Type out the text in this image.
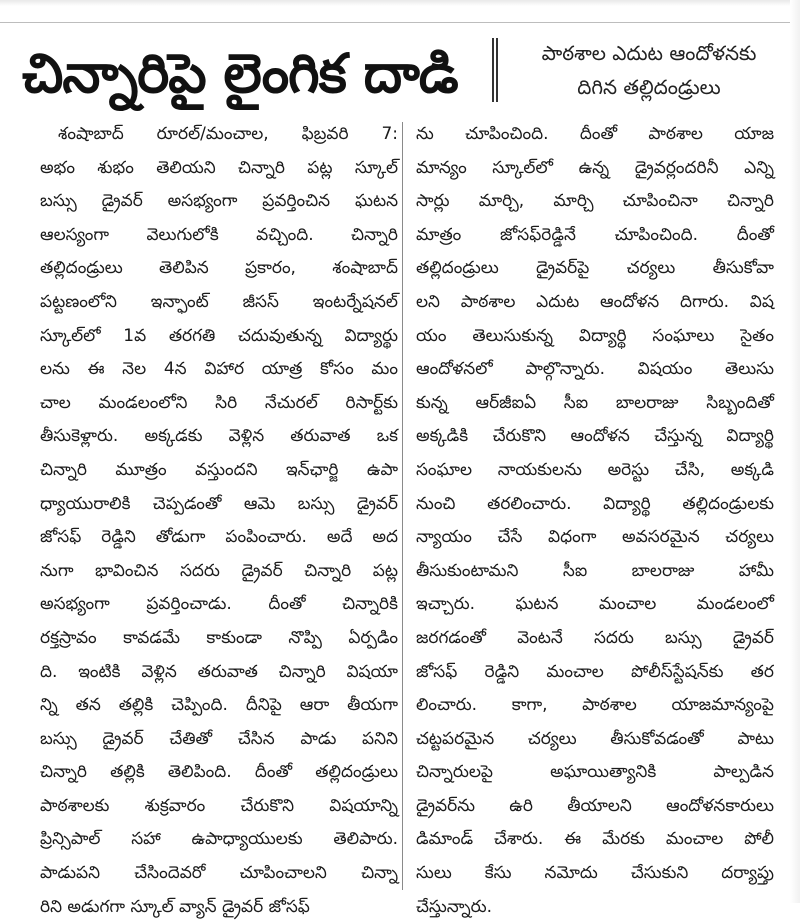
చిన్నారిపై లైంగిక దాడి	పాఠశాల ఎదుట ఆందోళనకు
దిగిన తల్లిదండ్రులు
శంషాబాద్ రూరల్/మంచాల, ఫిబ్రవరి 7:
అభం శుభం తెలియని చిన్నారి పట్ల స్కూల్
బస్సు డ్రైవర్ అసభ్యంగా ప్రవర్తించిన ఘటన
ఆలస్యంగా వెలుగులోకి వచ్చింది. చిన్నారి
తల్లిదండ్రులు తెలిపిన ప్రకారం, శంషాబాద్
పట్టణంలోని ఇన్ఫాంట్ జీసస్ ఇంటర్నేషనల్
స్కూల్‌లో 1వ తరగతి చదువుతున్న విద్యార్థు
లను ఈ నెల 4న విహార యాత్ర కోసం మం
చాల మండలంలోని సిరి నేచురల్ రిసార్ట్‌కు
తీసుకెళ్లారు. అక్కడకు వెళ్లిన తరువాత ఒక
చిన్నారి మూత్రం వస్తుందని ఇన్‌ఛార్జి ఉపా
ధ్యాయురాలికి చెప్పడంతో ఆమె బస్సు డ్రైవర్
జోసఫ్ రెడ్డిని తోడుగా పంపించారు. అదే అద
నుగా భావించిన సదరు డ్రైవర్ చిన్నారి పట్ల
అసభ్యంగా ప్రవర్తించాడు. దీంతో చిన్నారికి
రక్తస్రావం కావడమే కాకుండా నొప్పి ఏర్పడిం
ది. ఇంటికి వెళ్లిన తరువాత చిన్నారి విషయా
న్ని తన తల్లికి చెప్పింది. దీనిపై ఆరా తీయగా
బస్సు డ్రైవర్ చేతితో చేసిన పాడు పనిని
చిన్నారి తల్లికి తెలిపింది. దీంతో తల్లిదండ్రులు
పాఠశాలకు శుక్రవారం చేరుకొని విషయాన్ని
ప్రిన్సిపాల్ సహా ఉపాధ్యాయులకు తెలిపారు.
పాడుపని చేసిందెవరో చూపించాలని చిన్నా
రిని అడుగగా స్కూల్ వ్యాన్ డ్రైవర్ జోసఫ్
ను చూపించింది. దీంతో పాఠశాల యాజ
మాన్యం స్కూల్‌లో ఉన్న డ్రైవర్లందరినీ ఎన్ని
సార్లు మార్చి, మార్చి చూపించినా చిన్నారి
మాత్రం జోసఫ్‌రెడ్డినే చూపించింది. దీంతో
తల్లిదండ్రులు డ్రైవర్‌పై చర్యలు తీసుకోవా
లని పాఠశాల ఎదుట ఆందోళన దిగారు. విష
యం తెలుసుకున్న విద్యార్థి సంఘాలు సైతం
ఆందోళనలో పాల్గొన్నారు. విషయం తెలుసు
కున్న ఆర్‌జీఐఏ సీఐ బాలరాజు సిబ్బందితో
అక్కడికి చేరుకొని ఆందోళన చేస్తున్న విద్యార్థి
సంఘాల నాయకులను అరెస్టు చేసి, అక్కడి
నుంచి తరలించారు. విద్యార్థి తల్లిదండ్రులకు
న్యాయం చేసే విధంగా అవసరమైన చర్యలు
తీసుకుంటామని సీఐ బాలరాజు హామీ
ఇచ్చారు. ఘటన మంచాల మండలంలో
జరగడంతో వెంటనే సదరు బస్సు డ్రైవర్
జోసఫ్ రెడ్డిని మంచాల పోలీస్‌స్టేషన్‌కు తర
లించారు. కాగా, పాఠశాల యాజమాన్యంపై
చట్టపరమైన చర్యలు తీసుకోవడంతో పాటు
చిన్నారులపై అఘాయిత్యానికి పాల్పడిన
డ్రైవర్‌ను ఉరి తీయాలని ఆందోళనకారులు
డిమాండ్ చేశారు. ఈ మేరకు మంచాల పోలీ
సులు కేసు నమోదు చేసుకుని దర్యాప్తు
చేస్తున్నారు.
